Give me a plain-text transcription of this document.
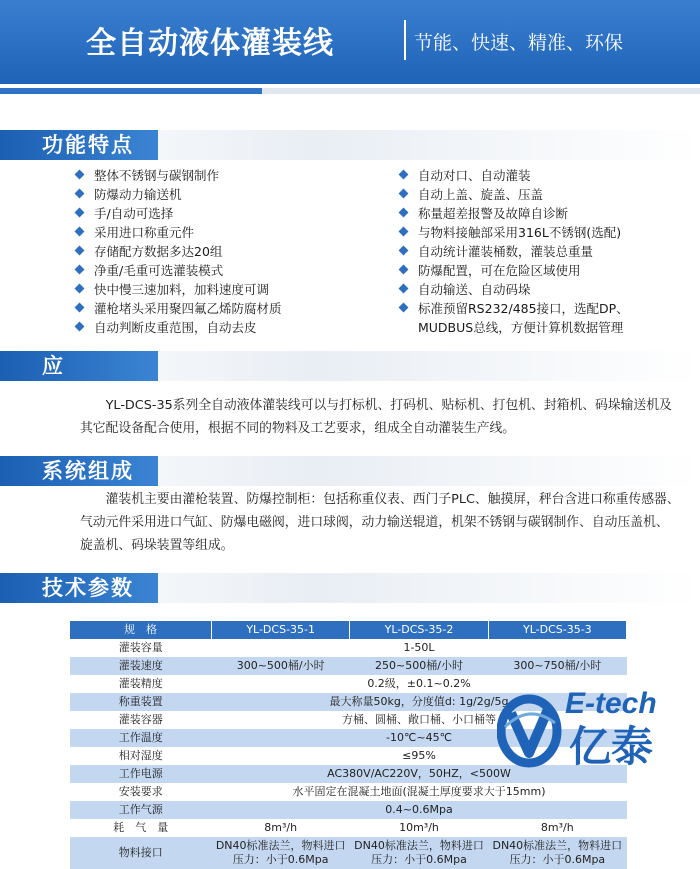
全自动液体灌装线	节能、快速、精准、环保
功能特点
整体不锈钢与碳钢制作
防爆动力输送机
手/自动可选择
采用进口称重元件
存储配方数据多达20组
净重/毛重可选灌装模式
快中慢三速加料，加料速度可调
灌枪堵头采用聚四氟乙烯防腐材质
自动判断皮重范围，自动去皮
自动对口、自动灌装
自动上盖、旋盖、压盖
称量超差报警及故障自诊断
与物料接触部采用316L不锈钢(选配)
自动统计灌装桶数，灌装总重量
防爆配置，可在危险区域使用
自动输送、自动码垛
标准预留RS232/485接口，选配DP、MUDBUS总线，方便计算机数据管理
应用 YL-DCS-35系列全自动液体灌装线可以与打标机、打码机、贴标机、打包机、封箱机、码垛输送机及其它配设备配合使用，根据不同的物料及工艺要求，组成全自动灌装生产线。
系统组成
灌装机主要由灌枪装置、防爆控制柜：包括称重仪表、西门子PLC、触摸屏，秤台含进口称重传感器、气动元件采用进口气缸、防爆电磁阀，进口球阀，动力输送辊道，机架不锈钢与碳钢制作、自动压盖机、旋盖机、码垛装置等组成。
技术参数
规　格	YL-DCS-35-1	YL-DCS-35-2	YL-DCS-35-3
灌装容量	1-50L		
灌装速度	300~500桶/小时	250~500桶/小时	300~750桶/小时
灌装精度	0.2级，±0.1~0.2%		
称重装置	最大称量50kg，分度值d: 1g/2g/5g		
灌装容器	方桶、圆桶、敞口桶、小口桶等		
工作温度	-10℃~45℃		
相对湿度	≤95%		
工作电源	AC380V/AC220V，50HZ，<500W		
安装要求	水平固定在混凝土地面(混凝土厚度要求大于15mm)		
工作气源	0.4~0.6Mpa		
耗　气　量	8m³/h	10m³/h	8m³/h
物料接口	DN40标准法兰，物料进口压力：小于0.6Mpa	DN40标准法兰，物料进口压力：小于0.6Mpa	DN40标准法兰，物料进口压力：小于0.6Mpa
E-tech
亿泰
